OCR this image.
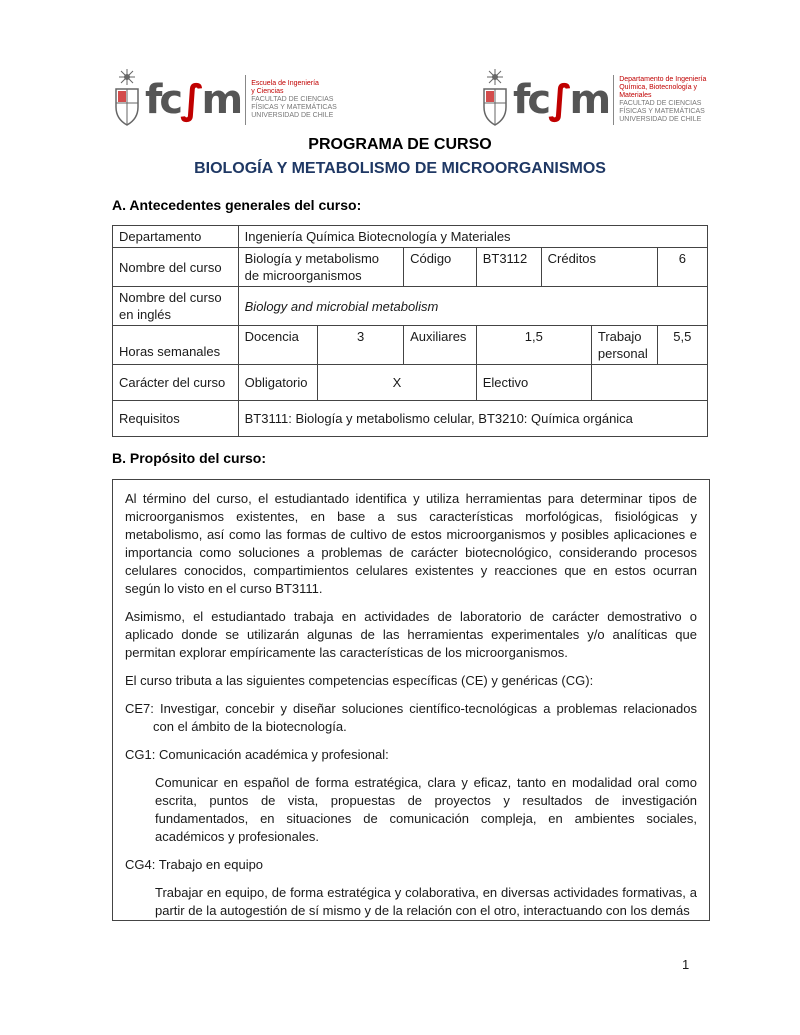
fc∫m Escuela de Ingeniería
y Ciencias
FACULTAD DE CIENCIAS
FÍSICAS Y MATEMÁTICAS
UNIVERSIDAD DE CHILE	fc∫m Departamento de Ingeniería
Química, Biotecnología y
Materiales
FACULTAD DE CIENCIAS
FÍSICAS Y MATEMÁTICAS
UNIVERSIDAD DE CHILE
PROGRAMA DE CURSO
BIOLOGÍA Y METABOLISMO DE MICROORGANISMOS
A. Antecedentes generales del curso:
Departamento	Ingeniería Química Biotecnología y Materiales						
Nombre del curso	Biología y metabolismo de microorganismos		Código	BT3112	Créditos		6
Nombre del curso en inglés	Biology and microbial metabolism						
Horas semanales	Docencia	3	Auxiliares	1,5		Trabajo personal	5,5
Carácter del curso	Obligatorio	X		Electivo			
Requisitos	BT3111: Biología y metabolismo celular, BT3210: Química orgánica						
B. Propósito del curso:

Al término del curso, el estudiantado identifica y utiliza herramientas para determinar tipos de microorganismos existentes, en base a sus características morfológicas, fisiológicas y metabolismo, así como las formas de cultivo de estos microorganismos y posibles aplicaciones e importancia como soluciones a problemas de carácter biotecnológico, considerando procesos celulares conocidos, compartimientos celulares existentes y reacciones que en estos ocurran según lo visto en el curso BT3111.

Asimismo, el estudiantado trabaja en actividades de laboratorio de carácter demostrativo o aplicado donde se utilizarán algunas de las herramientas experimentales y/o analíticas que permitan explorar empíricamente las características de los microorganismos.

El curso tributa a las siguientes competencias específicas (CE) y genéricas (CG):

CE7: Investigar, concebir y diseñar soluciones científico-tecnológicas a problemas relacionados con el ámbito de la biotecnología.
CG1: Comunicación académica y profesional:
Comunicar en español de forma estratégica, clara y eficaz, tanto en modalidad oral como escrita, puntos de vista, propuestas de proyectos y resultados de investigación fundamentados, en situaciones de comunicación compleja, en ambientes sociales, académicos y profesionales.
CG4: Trabajo en equipo
Trabajar en equipo, de forma estratégica y colaborativa, en diversas actividades formativas, a partir de la autogestión de sí mismo y de la relación con el otro, interactuando con los demás
1
